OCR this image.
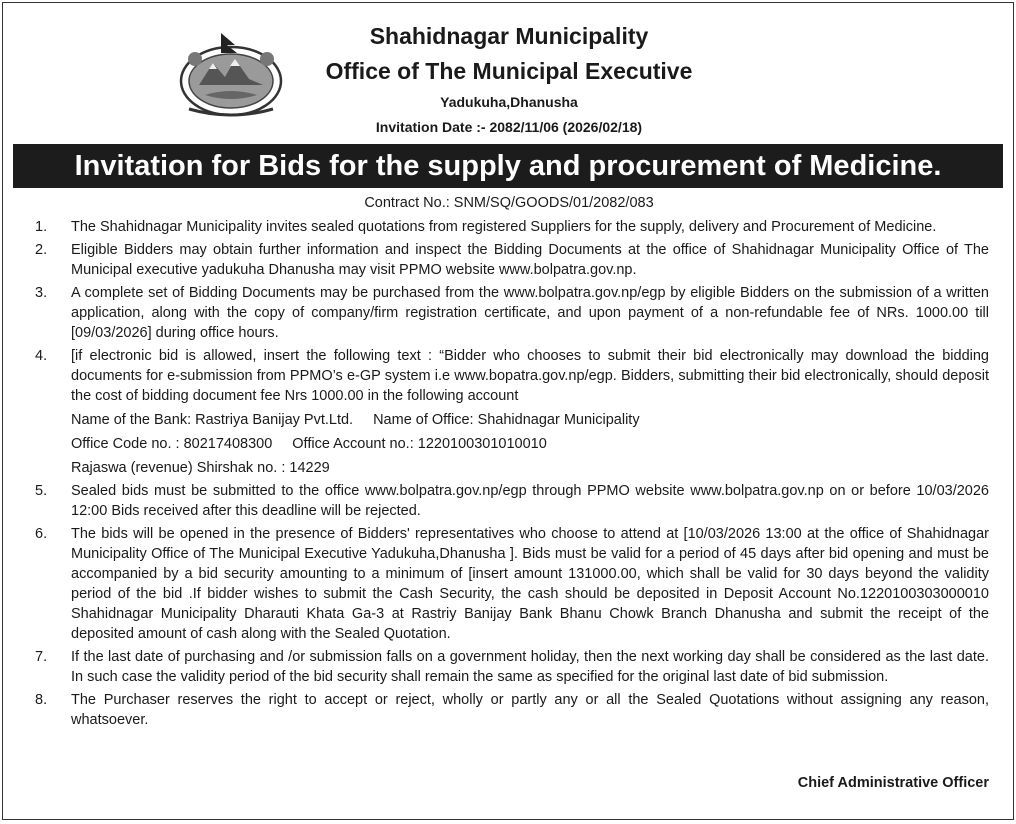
Shahidnagar Municipality
Office of The Municipal Executive
Yadukuha,Dhanusha
Invitation Date :- 2082/11/06 (2026/02/18)
Invitation for Bids for the supply and procurement of Medicine.
Contract No.: SNM/SQ/GOODS/01/2082/083
1. The Shahidnagar Municipality invites sealed quotations from registered Suppliers for the supply, delivery and Procurement of Medicine.
2. Eligible Bidders may obtain further information and inspect the Bidding Documents at the office of Shahidnagar Municipality Office of The Municipal executive yadukuha Dhanusha may visit PPMO website www.bolpatra.gov.np.
3. A complete set of Bidding Documents may be purchased from the www.bolpatra.gov.np/egp by eligible Bidders on the submission of a written application, along with the copy of company/firm registration certificate, and upon payment of a non-refundable fee of NRs. 1000.00 till [09/03/2026] during office hours.
4. [if electronic bid is allowed, insert the following text : “Bidder who chooses to submit their bid electronically may download the bidding documents for e-submission from PPMO’s e-GP system i.e www.bopatra.gov.np/egp. Bidders, submitting their bid electronically, should deposit the cost of bidding document fee Nrs 1000.00 in the following account
Name of the Bank: Rastriya Banijay Pvt.Ltd. Name of Office: Shahidnagar Municipality
Office Code no. : 80217408300 Office Account no.: 1220100301010010
Rajaswa (revenue) Shirshak no. : 14229
5. Sealed bids must be submitted to the office www.bolpatra.gov.np/egp through PPMO website www.bolpatra.gov.np on or before 10/03/2026 12:00 Bids received after this deadline will be rejected.
6. The bids will be opened in the presence of Bidders' representatives who choose to attend at [10/03/2026 13:00 at the office of Shahidnagar Municipality Office of The Municipal Executive Yadukuha,Dhanusha ]. Bids must be valid for a period of 45 days after bid opening and must be accompanied by a bid security amounting to a minimum of [insert amount 131000.00, which shall be valid for 30 days beyond the validity period of the bid .If bidder wishes to submit the Cash Security, the cash should be deposited in Deposit Account No.1220100303000010 Shahidnagar Municipality Dharauti Khata Ga-3 at Rastriy Banijay Bank Bhanu Chowk Branch Dhanusha and submit the receipt of the deposited amount of cash along with the Sealed Quotation.
7. If the last date of purchasing and /or submission falls on a government holiday, then the next working day shall be considered as the last date. In such case the validity period of the bid security shall remain the same as specified for the original last date of bid submission.
8. The Purchaser reserves the right to accept or reject, wholly or partly any or all the Sealed Quotations without assigning any reason, whatsoever.
Chief Administrative Officer
